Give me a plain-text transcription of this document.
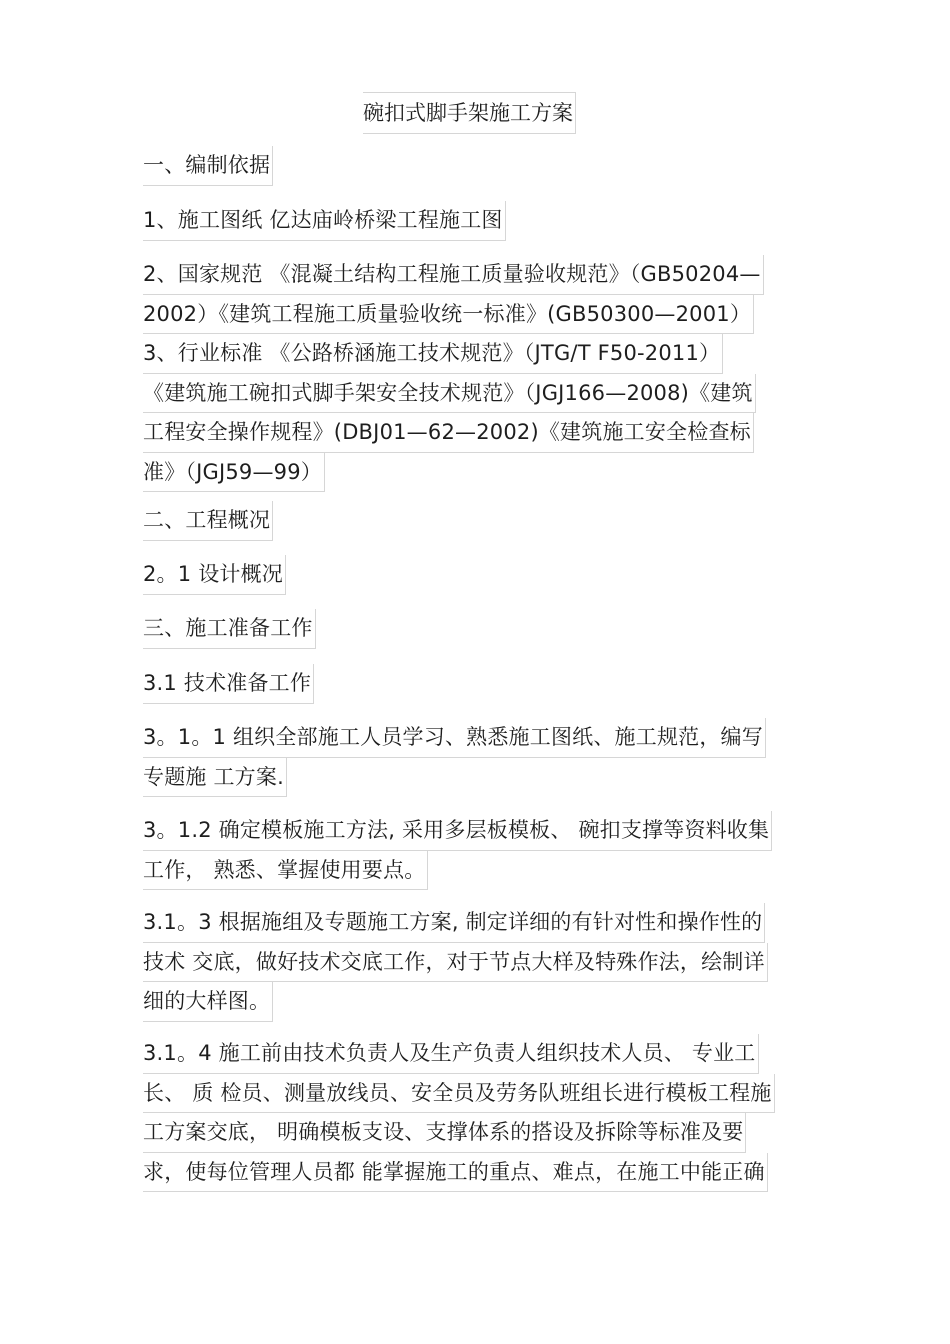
碗扣式脚手架施工方案
一、编制依据
1、施工图纸 亿达庙岭桥梁工程施工图
2、国家规范 《混凝土结构工程施工质量验收规范》（GB50204—
2002）《建筑工程施工质量验收统一标准》(GB50300—2001）
3、行业标准 《公路桥涵施工技术规范》（JTG/T F50-2011）
《建筑施工碗扣式脚手架安全技术规范》（JGJ166—2008)《建筑
工程安全操作规程》(DBJ01—62—2002)《建筑施工安全检查标
准》（JGJ59—99）
二、工程概况
2。1 设计概况
三、施工准备工作
3.1 技术准备工作
3。1。1 组织全部施工人员学习、熟悉施工图纸、施工规范，编写
专题施 工方案.
3。1.2 确定模板施工方法, 采用多层板模板、 碗扣支撑等资料收集
工作， 熟悉、掌握使用要点。
3.1。3 根据施组及专题施工方案, 制定详细的有针对性和操作性的
技术 交底，做好技术交底工作，对于节点大样及特殊作法，绘制详
细的大样图。
3.1。4 施工前由技术负责人及生产负责人组织技术人员、 专业工
长、 质 检员、测量放线员、安全员及劳务队班组长进行模板工程施
工方案交底， 明确模板支设、支撑体系的搭设及拆除等标准及要
求，使每位管理人员都 能掌握施工的重点、难点，在施工中能正确
